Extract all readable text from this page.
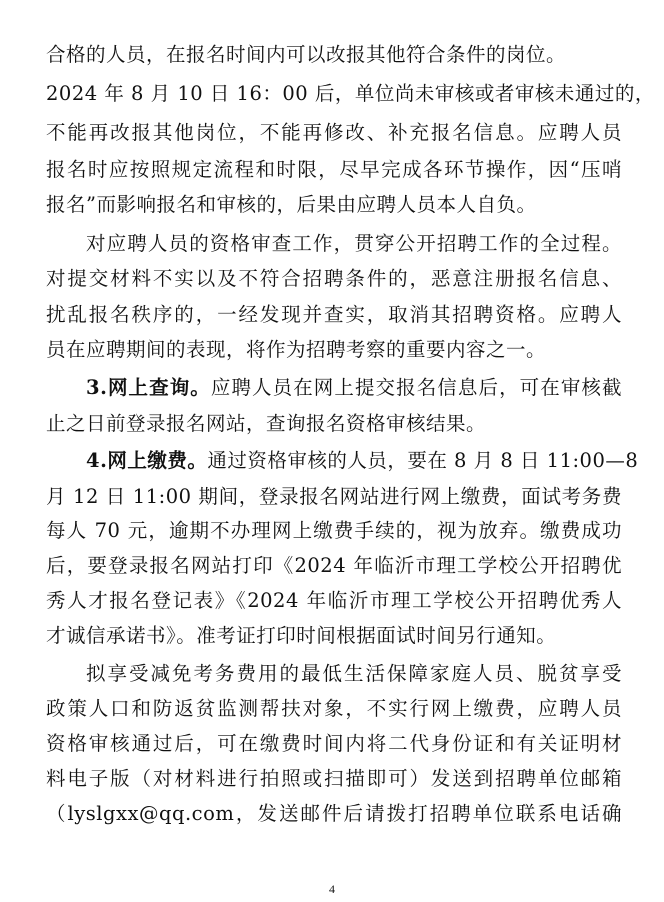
合格的人员，在报名时间内可以改报其他符合条件的岗位。
2024 年 8 月 10 日 16：00 后，单位尚未审核或者审核未通过的，
不能再改报其他岗位，不能再修改、补充报名信息。应聘人员
报名时应按照规定流程和时限，尽早完成各环节操作，因“压哨
报名”而影响报名和审核的，后果由应聘人员本人自负。
对应聘人员的资格审查工作，贯穿公开招聘工作的全过程。
对提交材料不实以及不符合招聘条件的，恶意注册报名信息、
扰乱报名秩序的，一经发现并查实，取消其招聘资格。应聘人
员在应聘期间的表现，将作为招聘考察的重要内容之一。
3.网上查询。应聘人员在网上提交报名信息后，可在审核截
止之日前登录报名网站，查询报名资格审核结果。
4.网上缴费。通过资格审核的人员，要在 8 月 8 日 11:00—8
月 12 日 11:00 期间，登录报名网站进行网上缴费，面试考务费
每人 70 元，逾期不办理网上缴费手续的，视为放弃。缴费成功
后，要登录报名网站打印《2024 年临沂市理工学校公开招聘优
秀人才报名登记表》《2024 年临沂市理工学校公开招聘优秀人
才诚信承诺书》。准考证打印时间根据面试时间另行通知。
拟享受减免考务费用的最低生活保障家庭人员、脱贫享受
政策人口和防返贫监测帮扶对象，不实行网上缴费，应聘人员
资格审核通过后，可在缴费时间内将二代身份证和有关证明材
料电子版（对材料进行拍照或扫描即可）发送到招聘单位邮箱
（lyslgxx@qq.com，发送邮件后请拨打招聘单位联系电话确
4
